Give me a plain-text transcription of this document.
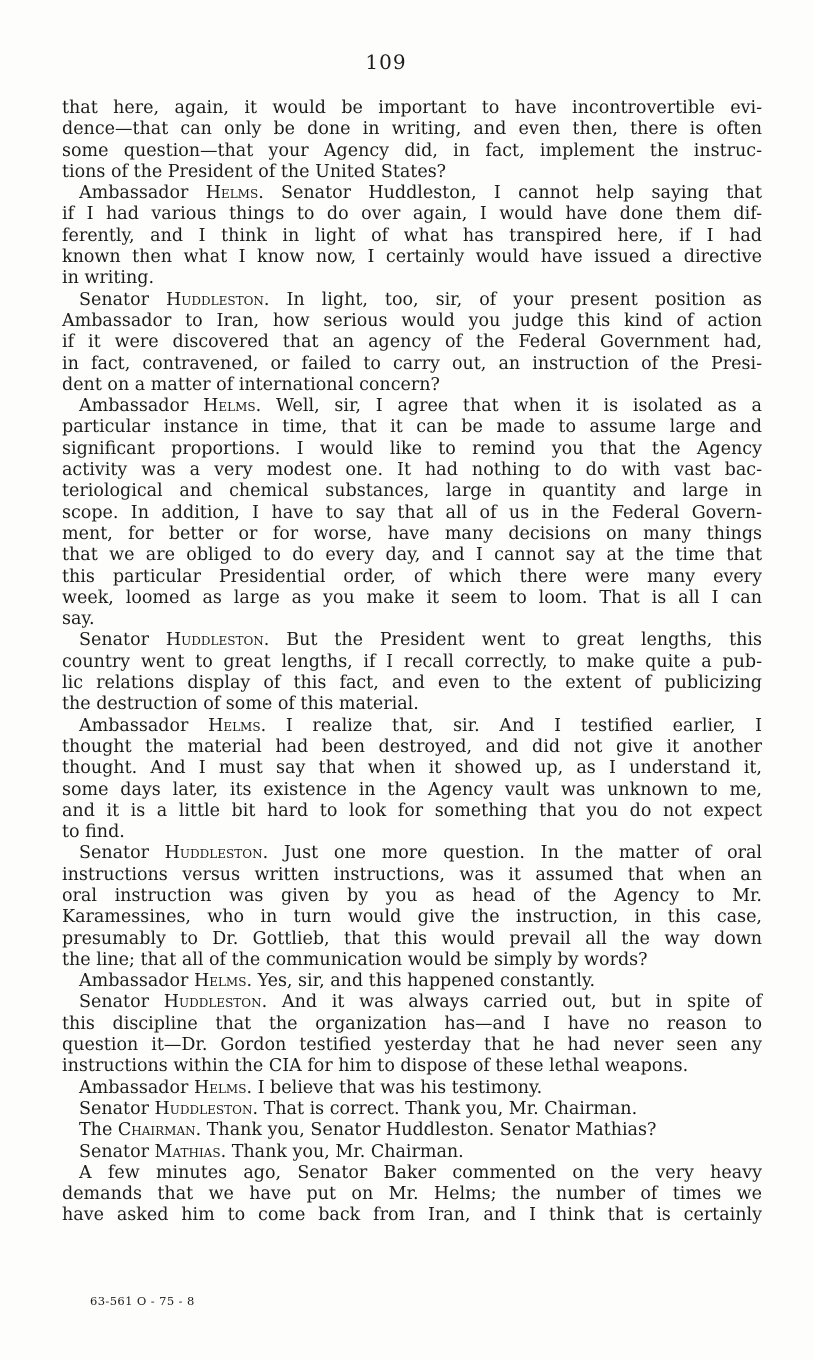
109
that here, again, it would be important to have incontrovertible evi-
dence—that can only be done in writing, and even then, there is often
some question—that your Agency did, in fact, implement the instruc-
tions of the President of the United States?
Ambassador Helms. Senator Huddleston, I cannot help saying that
if I had various things to do over again, I would have done them dif-
ferently, and I think in light of what has transpired here, if I had
known then what I know now, I certainly would have issued a directive
in writing.
Senator Huddleston. In light, too, sir, of your present position as
Ambassador to Iran, how serious would you judge this kind of action
if it were discovered that an agency of the Federal Government had,
in fact, contravened, or failed to carry out, an instruction of the Presi-
dent on a matter of international concern?
Ambassador Helms. Well, sir, I agree that when it is isolated as a
particular instance in time, that it can be made to assume large and
significant proportions. I would like to remind you that the Agency
activity was a very modest one. It had nothing to do with vast bac-
teriological and chemical substances, large in quantity and large in
scope. In addition, I have to say that all of us in the Federal Govern-
ment, for better or for worse, have many decisions on many things
that we are obliged to do every day, and I cannot say at the time that
this particular Presidential order, of which there were many every
week, loomed as large as you make it seem to loom. That is all I can
say.
Senator Huddleston. But the President went to great lengths, this
country went to great lengths, if I recall correctly, to make quite a pub-
lic relations display of this fact, and even to the extent of publicizing
the destruction of some of this material.
Ambassador Helms. I realize that, sir. And I testified earlier, I
thought the material had been destroyed, and did not give it another
thought. And I must say that when it showed up, as I understand it,
some days later, its existence in the Agency vault was unknown to me,
and it is a little bit hard to look for something that you do not expect
to find.
Senator Huddleston. Just one more question. In the matter of oral
instructions versus written instructions, was it assumed that when an
oral instruction was given by you as head of the Agency to Mr.
Karamessines, who in turn would give the instruction, in this case,
presumably to Dr. Gottlieb, that this would prevail all the way down
the line; that all of the communication would be simply by words?
Ambassador Helms. Yes, sir, and this happened constantly.
Senator Huddleston. And it was always carried out, but in spite of
this discipline that the organization has—and I have no reason to
question it—Dr. Gordon testified yesterday that he had never seen any
instructions within the CIA for him to dispose of these lethal weapons.
Ambassador Helms. I believe that was his testimony.
Senator Huddleston. That is correct. Thank you, Mr. Chairman.
The Chairman. Thank you, Senator Huddleston. Senator Mathias?
Senator Mathias. Thank you, Mr. Chairman.
A few minutes ago, Senator Baker commented on the very heavy
demands that we have put on Mr. Helms; the number of times we
have asked him to come back from Iran, and I think that is certainly
63-561 O - 75 - 8
